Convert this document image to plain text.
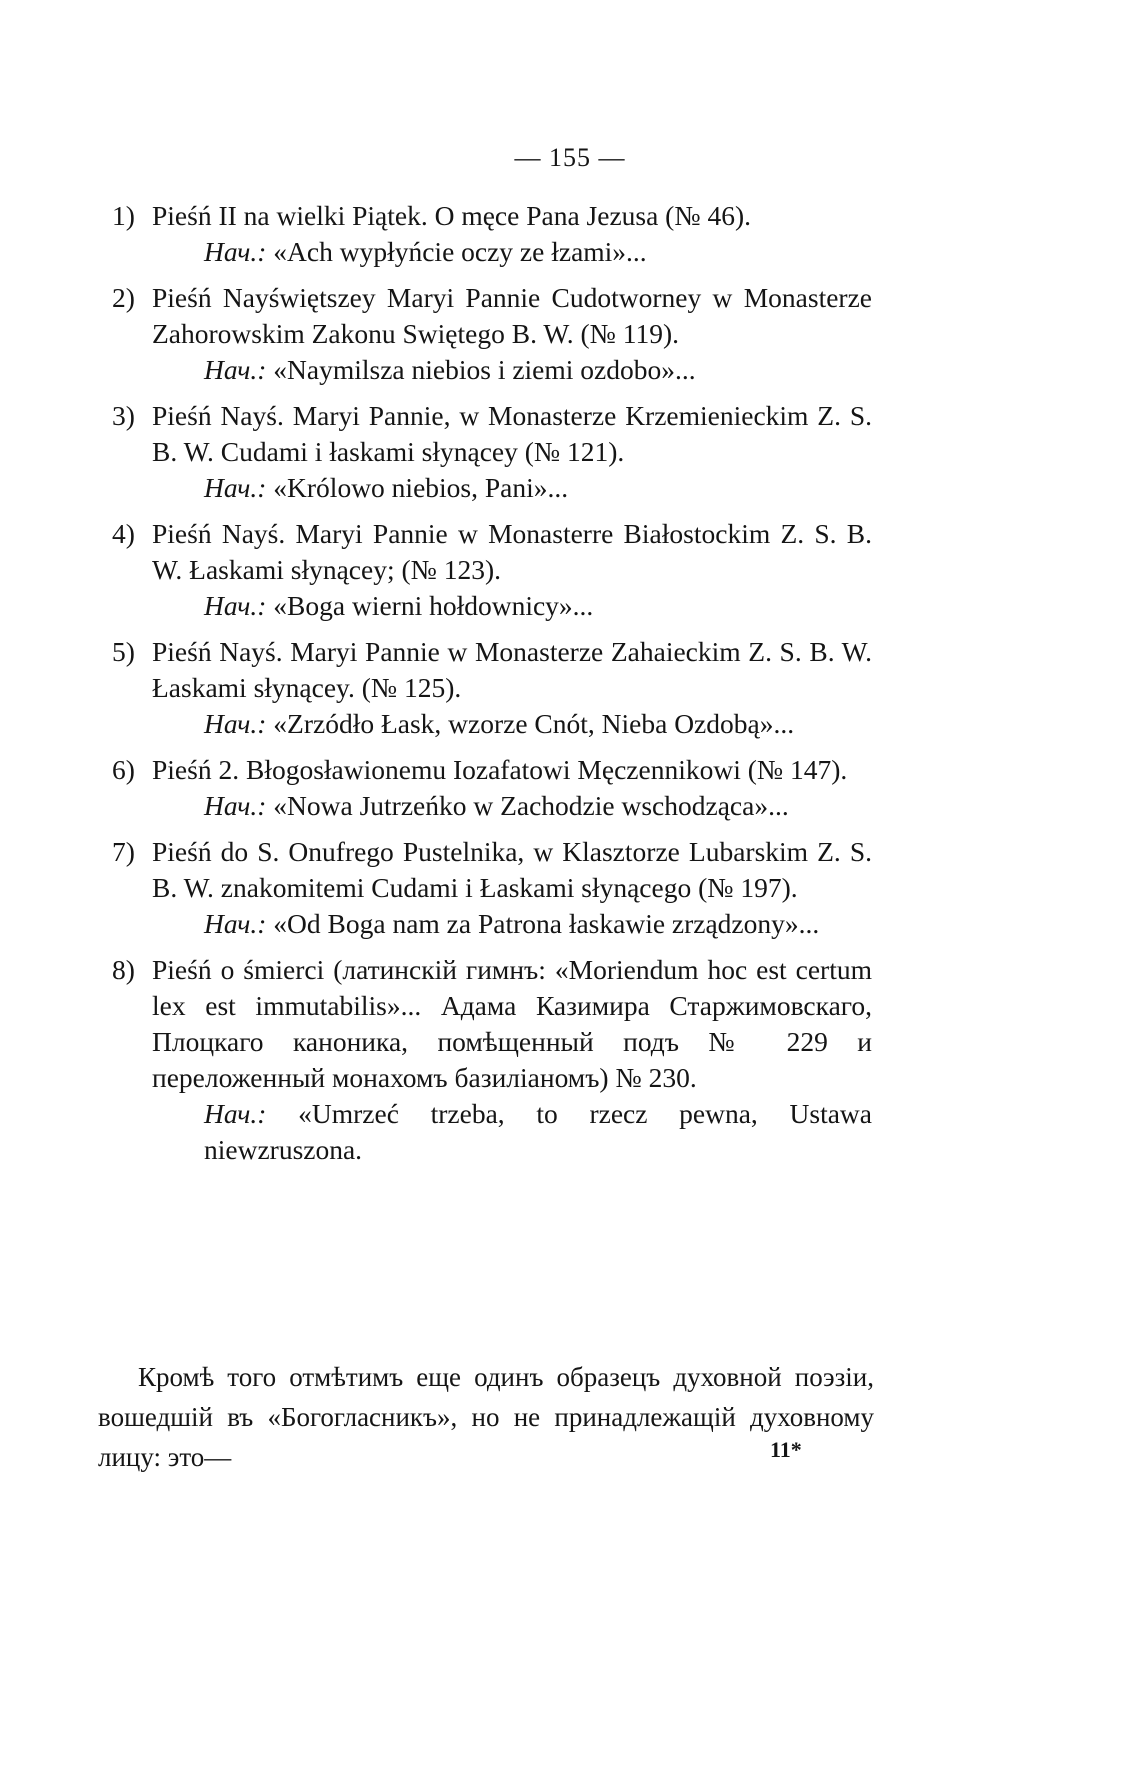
— 155 —
1) Pieśń II na wielki Piątek. O męce Pana Jezusa (№ 46).
Нач.: «Ach wypłyńcie oczy ze łzami»...
2) Pieśń Nayświętszey Maryi Pannie Cudotworney w Monasterze Zahorowskim Zakonu Swiętego B. W. (№ 119).
Нач.: «Naymilsza niebios i ziemi ozdobo»...
3) Pieśń Nayś. Maryi Pannie, w Monasterze Krzemienieckim Z. S. B. W. Cudami i łaskami słynącey (№ 121).
Нач.: «Królowo niebios, Pani»...
4) Pieśń Nayś. Maryi Pannie w Monasterre Białostockim Z. S. B. W. Łaskami słynącey; (№ 123).
Нач.: «Boga wierni hołdownicy»...
5) Pieśń Nayś. Maryi Pannie w Monasterze Zahaieckim Z. S. B. W. Łaskami słynącey. (№ 125).
Нач.: «Zrzódło Łask, wzorze Cnót, Nieba Ozdobą»...
6) Pieśń 2. Błogosławionemu Iozafatowi Męczennikowi (№ 147).
Нач.: «Nowa Jutrzeńko w Zachodzie wschodząca»...
7) Pieśń do S. Onufrego Pustelnika, w Klasztorze Lubarskim Z. S. B. W. znakomitemi Cudami i Łaskami słynącego (№ 197).
Нач.: «Od Boga nam za Patrona łaskawie zrządzony»...
8) Pieśń o śmierci (латинскій гимнъ: «Moriendum hoc est certum lex est immutabilis»... Адама Казимира Старжимовскаго, Плоцкаго каноника, помѣщенный подъ № 229 и переложенный монахомъ базиліаномъ) № 230.
Нач.: «Umrzeć trzeba, to rzecz pewna, Ustawa niewzruszona.
Кромѣ того отмѣтимъ еще одинъ образецъ духовной поэзіи, вошедшій въ «Богогласникъ», но не принадлежащій духовному лицу: это—	11*
